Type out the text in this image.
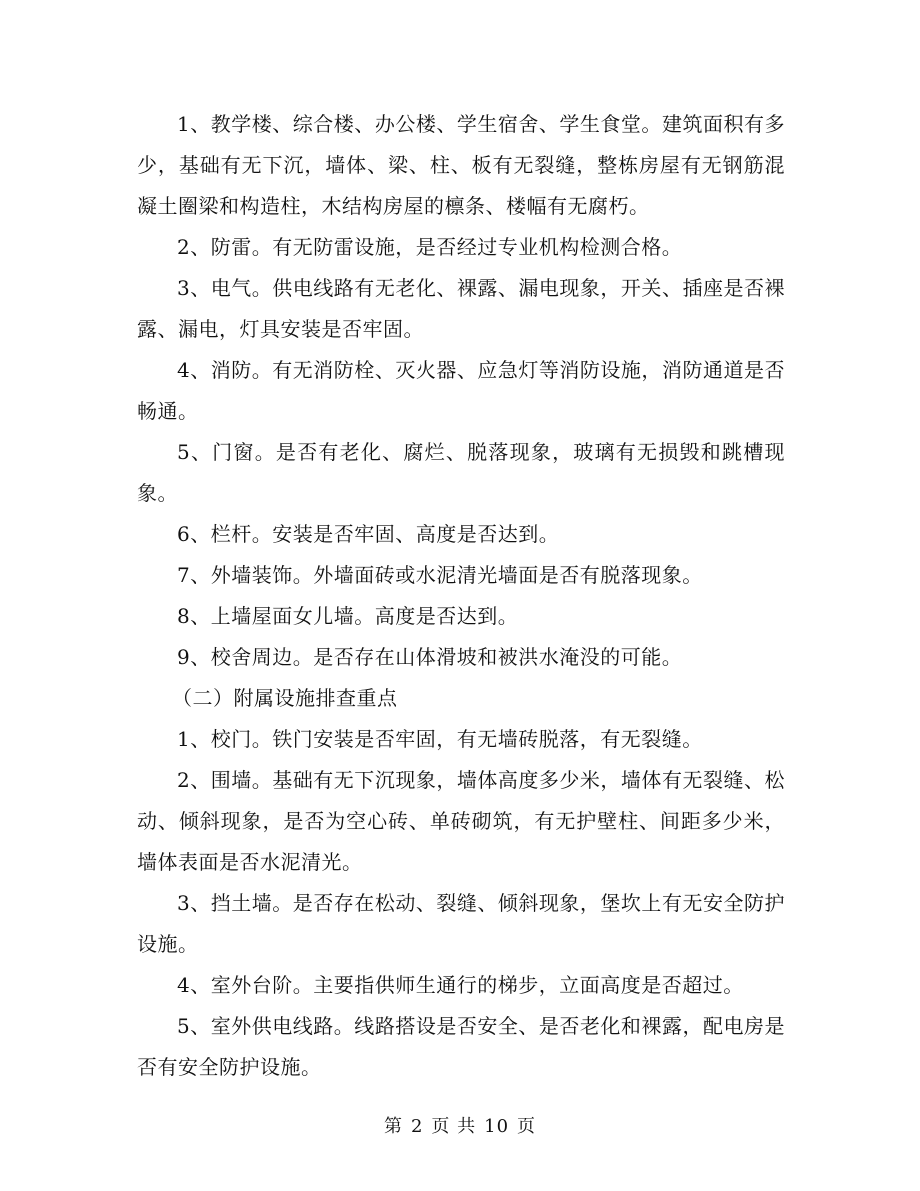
1、教学楼、综合楼、办公楼、学生宿舍、学生食堂。建筑面积有多少，基础有无下沉，墙体、梁、柱、板有无裂缝，整栋房屋有无钢筋混凝土圈梁和构造柱，木结构房屋的檩条、楼幅有无腐朽。

2、防雷。有无防雷设施，是否经过专业机构检测合格。

3、电气。供电线路有无老化、裸露、漏电现象，开关、插座是否裸露、漏电，灯具安装是否牢固。

4、消防。有无消防栓、灭火器、应急灯等消防设施，消防通道是否畅通。

5、门窗。是否有老化、腐烂、脱落现象，玻璃有无损毁和跳槽现象。

6、栏杆。安装是否牢固、高度是否达到。

7、外墙装饰。外墙面砖或水泥清光墙面是否有脱落现象。

8、上墙屋面女儿墙。高度是否达到。

9、校舍周边。是否存在山体滑坡和被洪水淹没的可能。

（二）附属设施排查重点

1、校门。铁门安装是否牢固，有无墙砖脱落，有无裂缝。

2、围墙。基础有无下沉现象，墙体高度多少米，墙体有无裂缝、松动、倾斜现象，是否为空心砖、单砖砌筑，有无护壁柱、间距多少米，墙体表面是否水泥清光。

3、挡土墙。是否存在松动、裂缝、倾斜现象，堡坎上有无安全防护设施。

4、室外台阶。主要指供师生通行的梯步，立面高度是否超过。

5、室外供电线路。线路搭设是否安全、是否老化和裸露，配电房是否有安全防护设施。

第 2 页 共 10 页
